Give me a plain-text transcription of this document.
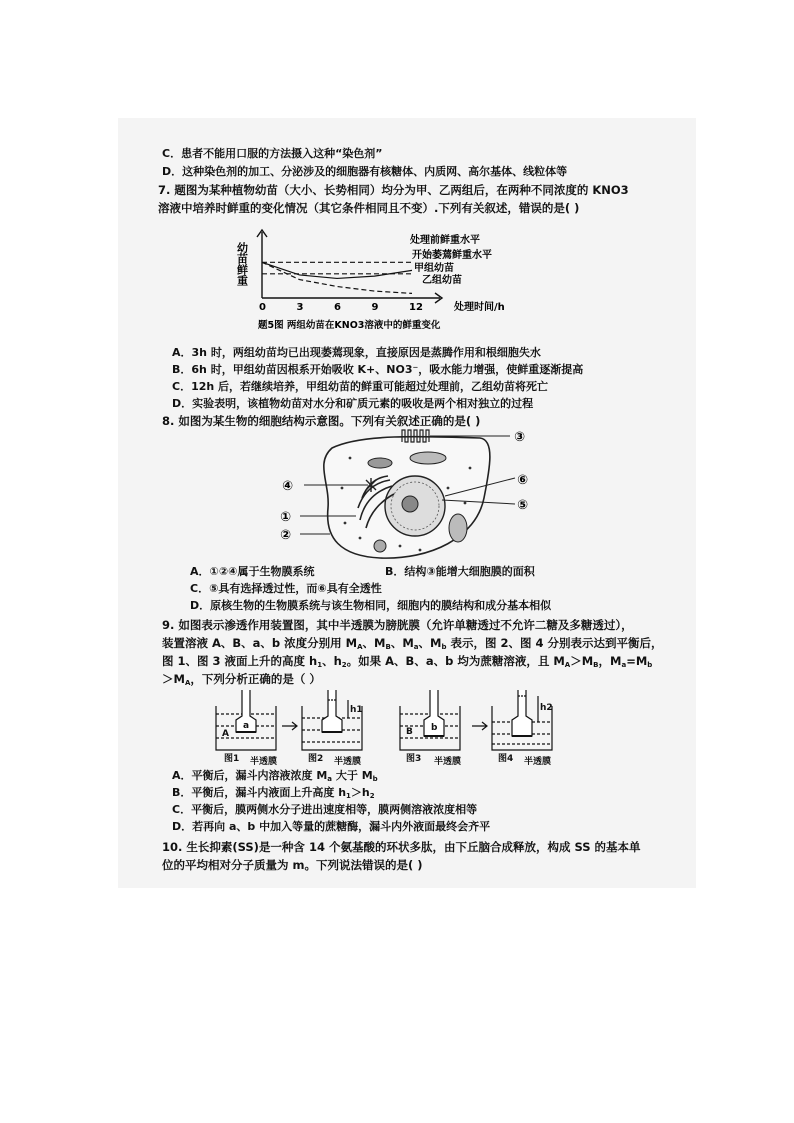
C．患者不能用口服的方法摄入这种“染色剂”
D．这种染色剂的加工、分泌涉及的细胞器有核糖体、内质网、高尔基体、线粒体等
7. 题图为某种植物幼苗（大小、长势相同）均分为甲、乙两组后，在两种不同浓度的 KNO3
溶液中培养时鲜重的变化情况（其它条件相同且不变）.下列有关叙述，错误的是( )
0	3	6	9	12
幼苗鲜重
处理时间/h
处理前鲜重水平
开始萎蔫鲜重水平
甲组幼苗
乙组幼苗
题5图 两组幼苗在KNO3溶液中的鲜重变化
A．3h 时，两组幼苗均已出现萎蔫现象，直接原因是蒸腾作用和根细胞失水
B．6h 时，甲组幼苗因根系开始吸收 K+、NO3⁻，吸水能力增强，使鲜重逐渐提高
C．12h 后，若继续培养，甲组幼苗的鲜重可能超过处理前，乙组幼苗将死亡
D．实验表明，该植物幼苗对水分和矿质元素的吸收是两个相对独立的过程
8. 如图为某生物的细胞结构示意图。下列有关叙述正确的是( )
③
④	⑥
⑤
①
②
A．①②④属于生物膜系统	B．结构③能增大细胞膜的面积
C．⑤具有选择透过性，而⑥具有全透性
D．原核生物的生物膜系统与该生物相同，细胞内的膜结构和成分基本相似
9. 如图表示渗透作用装置图，其中半透膜为膀胱膜（允许单糖透过不允许二糖及多糖透过），
装置溶液 A、B、a、b 浓度分别用 $M_A$、$M_B$、$M_a$、$M_b$ 表示，图 2、图 4 分别表示达到平衡后，
图 1、图 3 液面上升的高度 $h_1$、$h_2$。如果 A、B、a、b 均为蔗糖溶液，且 $M_A>M_B$，$M_a=M_b$
$>M_A$，下列分析正确的是（ ）
A
a
h1
B b
h2
图1 半透膜	图2 半透膜	图3 半透膜	图4 半透膜
A．平衡后，漏斗内溶液浓度 $M_a$ 大于 $M_b$
B．平衡后，漏斗内液面上升高度 $h_1>h_2$
C．平衡后，膜两侧水分子进出速度相等，膜两侧溶液浓度相等
D．若再向 a、b 中加入等量的蔗糖酶，漏斗内外液面最终会齐平
10. 生长抑素(SS)是一种含 14 个氨基酸的环状多肽，由下丘脑合成释放，构成 SS 的基本单
位的平均相对分子质量为 m。下列说法错误的是( )
